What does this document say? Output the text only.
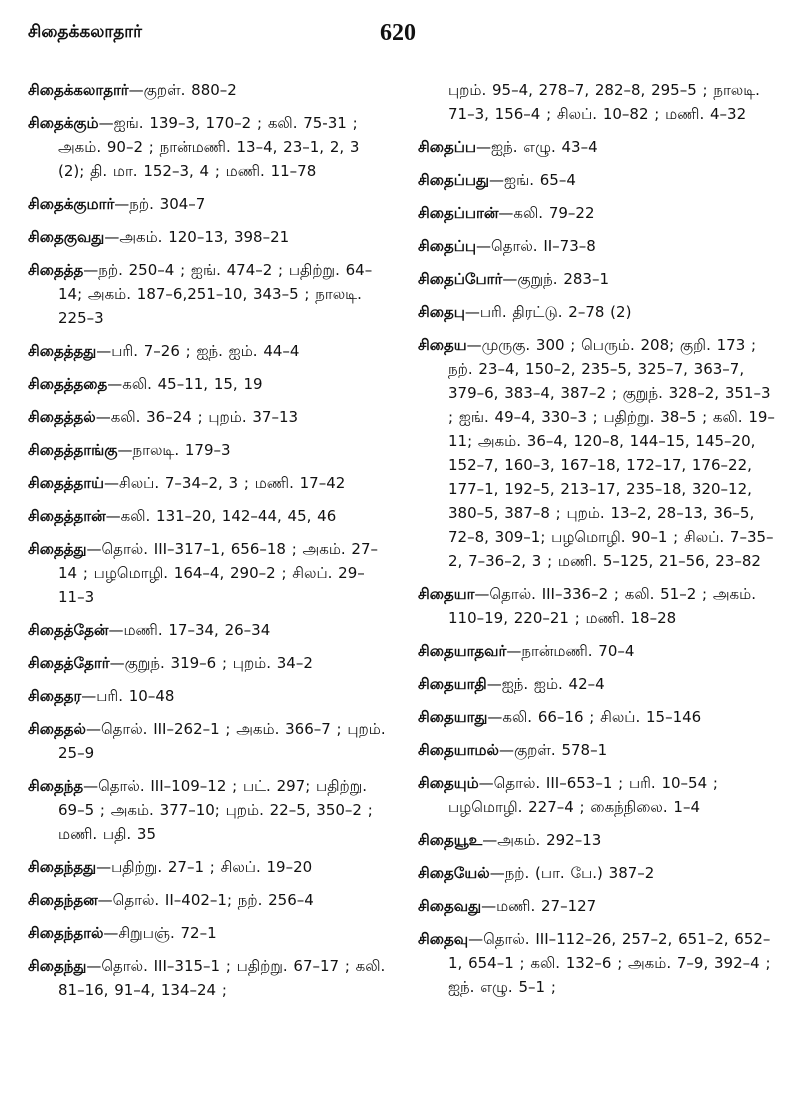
சிதைக்கலாதார்	620

சிதைக்கலாதார்—குறள். 880–2

சிதைக்கும்—ஐங். 139–3, 170–2 ; கலி. 75-31 ; அகம். 90–2 ; நான்மணி. 13–4, 23–1, 2, 3 (2); தி. மா. 152–3, 4 ; மணி. 11–78

சிதைக்குமார்—நற். 304–7

சிதைகுவது—அகம். 120–13, 398–21

சிதைத்த—நற். 250–4 ; ஐங். 474–2 ; பதிற்று. 64–14; அகம். 187–6,251–10, 343–5 ; நாலடி. 225–3

சிதைத்தது—பரி. 7–26 ; ஐந். ஐம். 44–4

சிதைத்ததை—கலி. 45–11, 15, 19

சிதைத்தல்—கலி. 36–24 ; புறம். 37–13

சிதைத்தாங்கு—நாலடி. 179–3

சிதைத்தாய்—சிலப். 7–34–2, 3 ; மணி. 17–42

சிதைத்தான்—கலி. 131–20, 142–44, 45, 46

சிதைத்து—தொல். III–317–1, 656–18 ; அகம். 27–14 ; பழமொழி. 164–4, 290–2 ; சிலப். 29–11–3

சிதைத்தேன்—மணி. 17–34, 26–34

சிதைத்தோர்—குறுந். 319–6 ; புறம். 34–2

சிதைதர—பரி. 10–48

சிதைதல்—தொல். III–262–1 ; அகம். 366–7 ; புறம். 25–9

சிதைந்த—தொல். III–109–12 ; பட். 297; பதிற்று. 69–5 ; அகம். 377–10; புறம். 22–5, 350–2 ; மணி. பதி. 35

சிதைந்தது—பதிற்று. 27–1 ; சிலப். 19–20

சிதைந்தன—தொல். II–402–1; நற். 256–4

சிதைந்தால்—சிறுபஞ். 72–1

சிதைந்து—தொல். III–315–1 ; பதிற்று. 67–17 ; கலி. 81–16, 91–4, 134–24 ;

புறம். 95–4, 278–7, 282–8, 295–5 ; நாலடி. 71–3, 156–4 ; சிலப். 10–82 ; மணி. 4–32

சிதைப்ப—ஐந். எழு. 43–4

சிதைப்பது—ஐங். 65–4

சிதைப்பான்—கலி. 79–22

சிதைப்பு—தொல். II–73–8

சிதைப்போர்—குறுந். 283–1

சிதைபு—பரி. திரட்டு. 2–78 (2)

சிதைய—முருகு. 300 ; பெரும். 208; குறி. 173 ; நற். 23–4, 150–2, 235–5, 325–7, 363–7, 379–6, 383–4, 387–2 ; குறுந். 328–2, 351–3 ; ஐங். 49–4, 330–3 ; பதிற்று. 38–5 ; கலி. 19–11; அகம். 36–4, 120–8, 144–15, 145–20, 152–7, 160–3, 167–18, 172–17, 176–22, 177–1, 192–5, 213–17, 235–18, 320–12, 380–5, 387–8 ; புறம். 13–2, 28–13, 36–5, 72–8, 309–1; பழமொழி. 90–1 ; சிலப். 7–35–2, 7–36–2, 3 ; மணி. 5–125, 21–56, 23–82

சிதையா—தொல். III–336–2 ; கலி. 51–2 ; அகம். 110–19, 220–21 ; மணி. 18–28

சிதையாதவர்—நான்மணி. 70–4

சிதையாதி—ஐந். ஐம். 42–4

சிதையாது—கலி. 66–16 ; சிலப். 15–146

சிதையாமல்—குறள். 578–1

சிதையும்—தொல். III–653–1 ; பரி. 10–54 ; பழமொழி. 227–4 ; கைந்நிலை. 1–4

சிதையூஉ—அகம். 292–13

சிதையேல்—நற். (பா. பே.) 387–2

சிதைவது—மணி. 27–127

சிதைவு—தொல். III–112–26, 257–2, 651–2, 652–1, 654–1 ; கலி. 132–6 ; அகம். 7–9, 392–4 ; ஐந். எழு. 5–1 ;
